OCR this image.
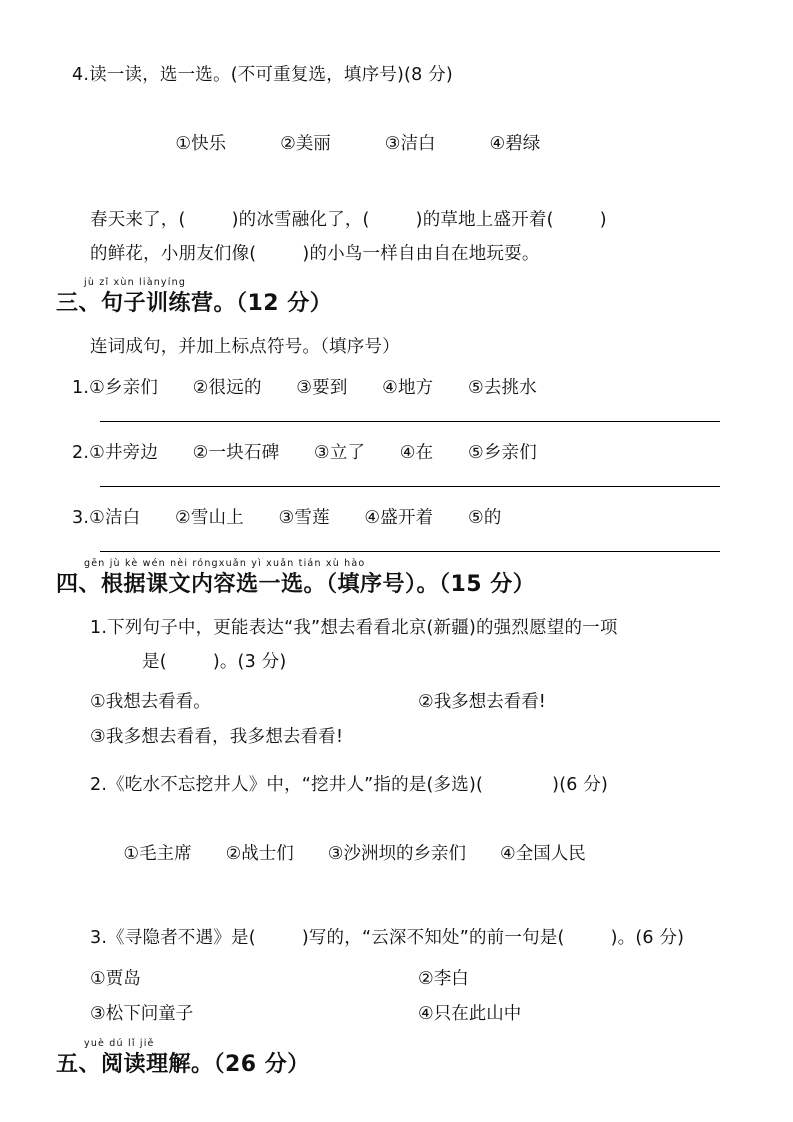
4.读一读，选一选。(不可重复选，填序号)(8 分)

①快乐	②美丽	③洁白	④碧绿

春天来了，(        )的冰雪融化了，(        )的草地上盛开着(        )
的鲜花，小朋友们像(        )的小鸟一样自由自在地玩耍。
jù zǐ xùn liànyíng
三、句子训练营。（12 分）
连词成句，并加上标点符号。（填序号）
1.①乡亲们      ②很远的      ③要到      ④地方      ⑤去挑水
2.①井旁边      ②一块石碑      ③立了      ④在      ⑤乡亲们
3.①洁白      ②雪山上      ③雪莲      ④盛开着      ⑤的
gēn jù kè wén nèi róngxuǎn yì xuǎn tián xù hào
四、根据课文内容选一选。（填序号）。（15 分）
1.下列句子中，更能表达“我”想去看看北京(新疆)的强烈愿望的一项
是(        )。(3 分)
①我想去看看。	②我多想去看看!
③我多想去看看，我多想去看看!
2.《吃水不忘挖井人》中，“挖井人”指的是(多选)(            )(6 分)

①毛主席 ②战士们 ③沙洲坝的乡亲们 ④全国人民

3.《寻隐者不遇》是(        )写的，“云深不知处”的前一句是(        )。(6 分)
①贾岛	②李白
③松下问童子	④只在此山中
yuè dú lǐ jiě
五、阅读理解。（26 分）
